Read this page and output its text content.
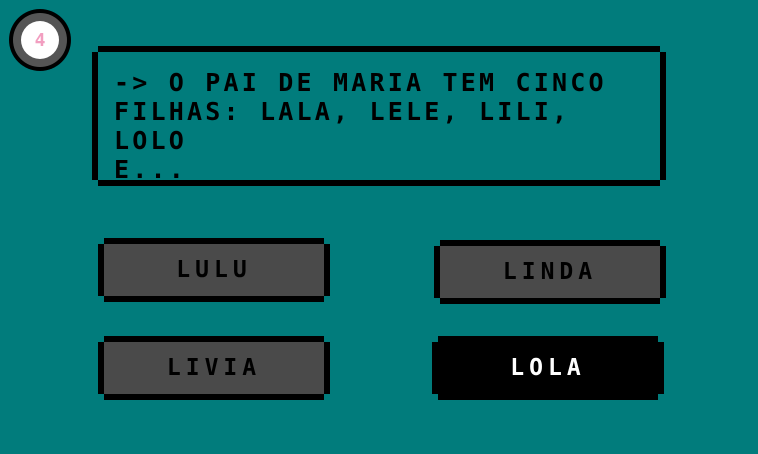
4
-> O PAI DE MARIA TEM CINCO
FILHAS: LALA, LELE, LILI, LOLO
E...
LULU	LINDA
LIVIA	LOLA
